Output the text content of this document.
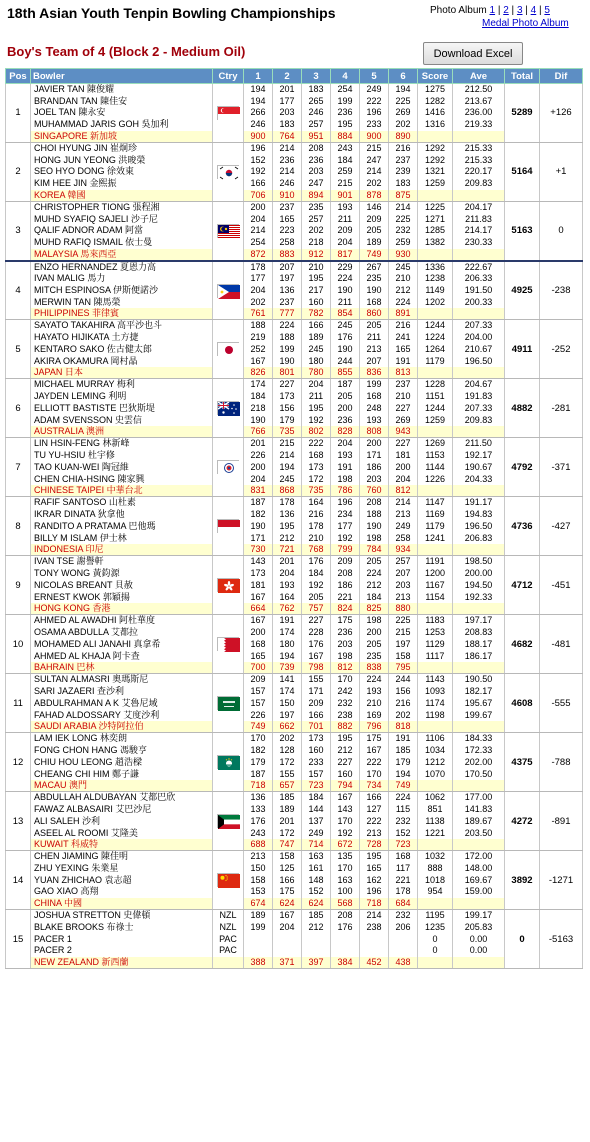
18th Asian Youth Tenpin Bowling Championships	Photo Album 1 | 2 | 3 | 4 | 5
Medal Photo Album
Boy's Team of 4 (Block 2 - Medium Oil)	Download Excel
Pos	Bowler	Ctry	1	2	3	4	5	6	Score	Ave	Total	Dif
1	JAVIER TAN 陳俊耀		194	201	183	254	249	194	1275	212.50	5289	+126
	BRANDAN TAN 陳佳安		194	177	265	199	222	225	1282	213.67		
	JOEL TAN 陳永安		266	203	246	236	196	269	1416	236.00		
	MUHAMMAD JARIS GOH 吳加利		246	183	257	195	233	202	1316	219.33		
	SINGAPORE 新加坡		900	764	951	884	900	890				
2	CHOI HYUNG JIN 崔炯珍		196	214	208	243	215	216	1292	215.33	5164	+1
	HONG JUN YEONG 洪晙榮		152	236	236	184	247	237	1292	215.33		
	SEO HYO DONG 徐效東		192	214	203	259	214	239	1321	220.17		
	KIM HEE JIN 金熙振		166	246	247	215	202	183	1259	209.83		
	KOREA 韓國		706	910	894	901	878	875				
3	CHRISTOPHER TIONG 張程湘		200	237	235	193	146	214	1225	204.17	5163	0
	MUHD SYAFIQ SAJELI 沙子尼		204	165	257	211	209	225	1271	211.83		
	QALIF ADNOR ADAM 阿當		214	223	202	209	205	232	1285	214.17		
	MUHD RAFIQ ISMAIL 依士曼		254	258	218	204	189	259	1382	230.33		
	MALAYSIA 馬來西亞		872	883	912	817	749	930				
4	ENZO HERNANDEZ 夏恩力高		178	207	210	229	267	245	1336	222.67	4925	-238
	IVAN MALIG 馬力		177	197	195	224	235	210	1238	206.33		
	MITCH ESPINOSA 伊斯便諾沙		204	136	217	190	190	212	1149	191.50		
	MERWIN TAN 陳馬榮		202	237	160	211	168	224	1202	200.33		
	PHILIPPINES 菲律賓		761	777	782	854	860	891				
5	SAYATO TAKAHIRA 高平沙也斗		188	224	166	245	205	216	1244	207.33	4911	-252
	HAYATO HIJIKATA 土方捷		219	188	189	176	211	241	1224	204.00		
	KENTARO SAKO 佐古健太郎		252	199	245	190	213	165	1264	210.67		
	AKIRA OKAMURA 岡村晶		167	190	180	244	207	191	1179	196.50		
	JAPAN 日本		826	801	780	855	836	813				
6	MICHAEL MURRAY 梅利		174	227	204	187	199	237	1228	204.67	4882	-281
	JAYDEN LEMING 利明		184	173	211	205	168	210	1151	191.83		
	ELLIOTT BASTISTE 巴狄斯堤		218	156	195	200	248	227	1244	207.33		
	ADAM SVENSSON 史雲信		190	179	192	236	193	269	1259	209.83		
	AUSTRALIA 澳洲		766	735	802	828	808	943				
7	LIN HSIN-FENG 林新峰		201	215	222	204	200	227	1269	211.50	4792	-371
	TU YU-HSIU 杜宇修		226	214	168	193	171	181	1153	192.17		
	TAO KUAN-WEI 陶冠維		200	194	173	191	186	200	1144	190.67		
	CHEN CHIA-HSING 陳家興		204	245	172	198	203	204	1226	204.33		
	CHINESE TAIPEI 中華台北		831	868	735	786	760	812				
8	RAFIF SANTOSO 山杜素		187	178	164	196	208	214	1147	191.17	4736	-427
	IKRAR DINATA 狄拿他		182	136	216	234	188	213	1169	194.83		
	RANDITO A PRATAMA 巴他瑪		190	195	178	177	190	249	1179	196.50		
	BILLY M ISLAM 伊士林		171	212	210	192	198	258	1241	206.83		
	INDONESIA 印尼		730	721	768	799	784	934				
9	IVAN TSE 謝譽軒		143	201	176	209	205	257	1191	198.50	4712	-451
	TONY WONG 黃鈞源		173	204	184	208	224	207	1200	200.00		
	NICOLAS BREANT 貝赦		181	193	192	186	212	203	1167	194.50		
	ERNEST KWOK 郭穎揚		167	164	205	221	184	213	1154	192.33		
	HONG KONG 香港		664	762	757	824	825	880				
10	AHMED AL AWADHI 阿杜華度		167	191	227	175	198	225	1183	197.17	4682	-481
	OSAMA ABDULLA 艾都拉		200	174	228	236	200	215	1253	208.83		
	MOHAMED ALI JANAHI 真拿希		168	180	176	203	205	197	1129	188.17		
	AHMED AL KHAJA 阿卡查		165	194	167	198	235	158	1117	186.17		
	BAHRAIN 巴林		700	739	798	812	838	795				
11	SULTAN ALMASRI 奧瑪斯尼		209	141	155	170	224	244	1143	190.50	4608	-555
	SARI JAZAERI 查沙利		157	174	171	242	193	156	1093	182.17		
	ABDULRAHMAN A K 艾魯尼域		157	150	209	232	210	216	1174	195.67		
	FAHAD ALDOSSARY 艾度沙利		226	197	166	238	169	202	1198	199.67		
	SAUDI ARABIA 沙特阿拉伯		749	662	701	882	796	818				
12	LAM IEK LONG 林奕朗		170	202	173	195	175	191	1106	184.33	4375	-788
	FONG CHON HANG 馮駿亨		182	128	160	212	167	185	1034	172.33		
	CHIU HOU LEONG 趙浩樑		179	172	233	227	222	179	1212	202.00		
	CHEANG CHI HIM 鄭子謙		187	155	157	160	170	194	1070	170.50		
	MACAU 澳門		718	657	723	794	734	749				
13	ABDULLAH ALDUBAYAN 艾都巴欣		136	185	184	167	166	224	1062	177.00	4272	-891
	FAWAZ ALBASAIRI 艾巴沙尼		133	189	144	143	127	115	851	141.83		
	ALI SALEH 沙利		176	201	137	170	222	232	1138	189.67		
	ASEEL AL ROOMI 艾隆美		243	172	249	192	213	152	1221	203.50		
	KUWAIT 科威特		688	747	714	672	728	723				
14	CHEN JIAMING 陳佳明		213	158	163	135	195	168	1032	172.00	3892	-1271
	ZHU YEXING 朱業星		150	125	161	170	165	117	888	148.00		
	YUAN ZHICHAO 袁志超		158	166	148	163	162	221	1018	169.67		
	GAO XIAO 高翔		153	175	152	100	196	178	954	159.00		
	CHINA 中國		674	624	624	568	718	684				
15	JOSHUA STRETTON 史偉頓	NZL	189	167	185	208	214	232	1195	199.17	0	-5163
	BLAKE BROOKS 布祿士	NZL	199	204	212	176	238	206	1235	205.83		
	PACER 1	PAC							0	0.00		
	PACER 2	PAC							0	0.00		
	NEW ZEALAND 新西蘭		388	371	397	384	452	438				
